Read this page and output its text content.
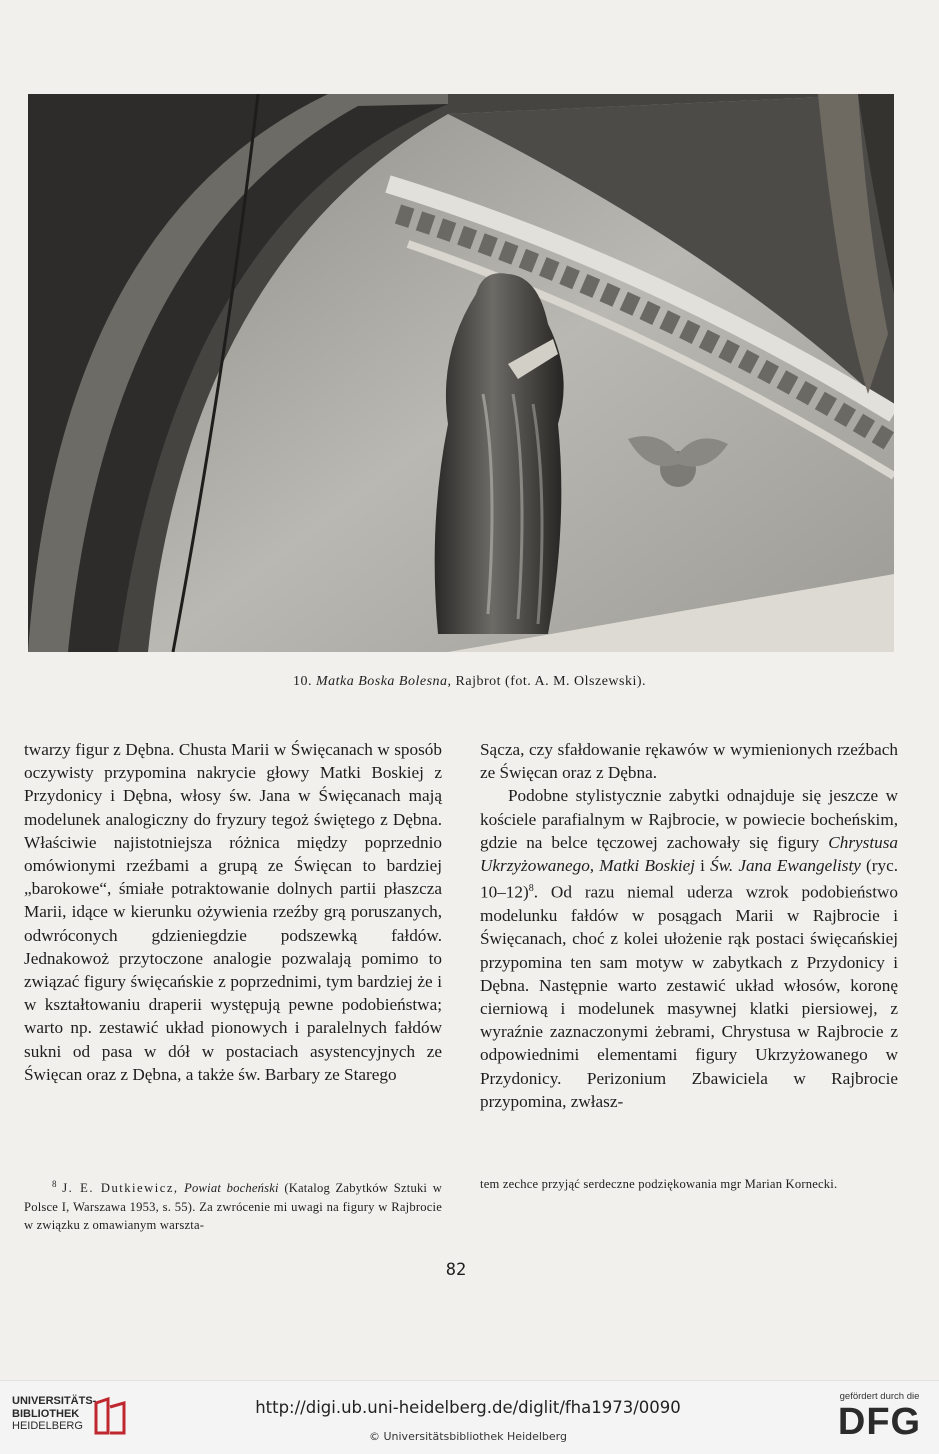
10. Matka Boska Bolesna, Rajbrot (fot. A. M. Olszewski).

twarzy figur z Dębna. Chusta Marii w Święcanach w sposób oczywisty przypomina nakrycie głowy Matki Boskiej z Przydonicy i Dębna, włosy św. Jana w Święcanach mają modelunek analogiczny do fryzury tegoż świętego z Dębna. Właściwie najistotniejsza różnica między poprzednio omówionymi rzeźbami a grupą ze Święcan to bardziej „barokowe“, śmiałe potraktowanie dolnych partii płaszcza Marii, idące w kierunku ożywienia rzeźby grą poruszanych, odwróconych gdzieniegdzie podszewką fałdów. Jednakowoż przytoczone analogie pozwalają pomimo to związać figury święcańskie z poprzednimi, tym bardziej że i w kształtowaniu draperii występują pewne podobieństwa; warto np. zestawić układ pionowych i paralelnych fałdów sukni od pasa w dół w postaciach asystencyjnych ze Święcan oraz z Dębna, a także św. Barbary ze Starego

Sącza, czy sfałdowanie rękawów w wymienionych rzeźbach ze Święcan oraz z Dębna.

Podobne stylistycznie zabytki odnajduje się jeszcze w kościele parafialnym w Rajbrocie, w powiecie bocheńskim, gdzie na belce tęczowej zachowały się figury Chrystusa Ukrzyżowanego, Matki Boskiej i Św. Jana Ewangelisty (ryc. 10–12)$^8$. Od razu niemal uderza wzrok podobieństwo modelunku fałdów w posągach Marii w Rajbrocie i Święcanach, choć z kolei ułożenie rąk postaci święcańskiej przypomina ten sam motyw w zabytkach z Przydonicy i Dębna. Następnie warto zestawić układ włosów, koronę cierniową i modelunek masywnej klatki piersiowej, z wyraźnie zaznaczonymi żebrami, Chrystusa w Rajbrocie z odpowiednimi elementami figury Ukrzyżowanego w Przydonicy. Perizonium Zbawiciela w Rajbrocie przypomina, zwłasz-

$^8$ J. E. Dutkiewicz, Powiat bocheński (Katalog Zabytków Sztuki w Polsce I, Warszawa 1953, s. 55). Za zwrócenie mi uwagi na figury w Rajbrocie w związku z omawianym warszta-

tem zechce przyjąć serdeczne podziękowania mgr Marian Kornecki.

82
UNIVERSITÄTS-
BIBLIOTHEK
HEIDELBERG
http://digi.ub.uni-heidelberg.de/diglit/fha1973/0090
© Universitätsbibliothek Heidelberg
gefördert durch die
DFG
